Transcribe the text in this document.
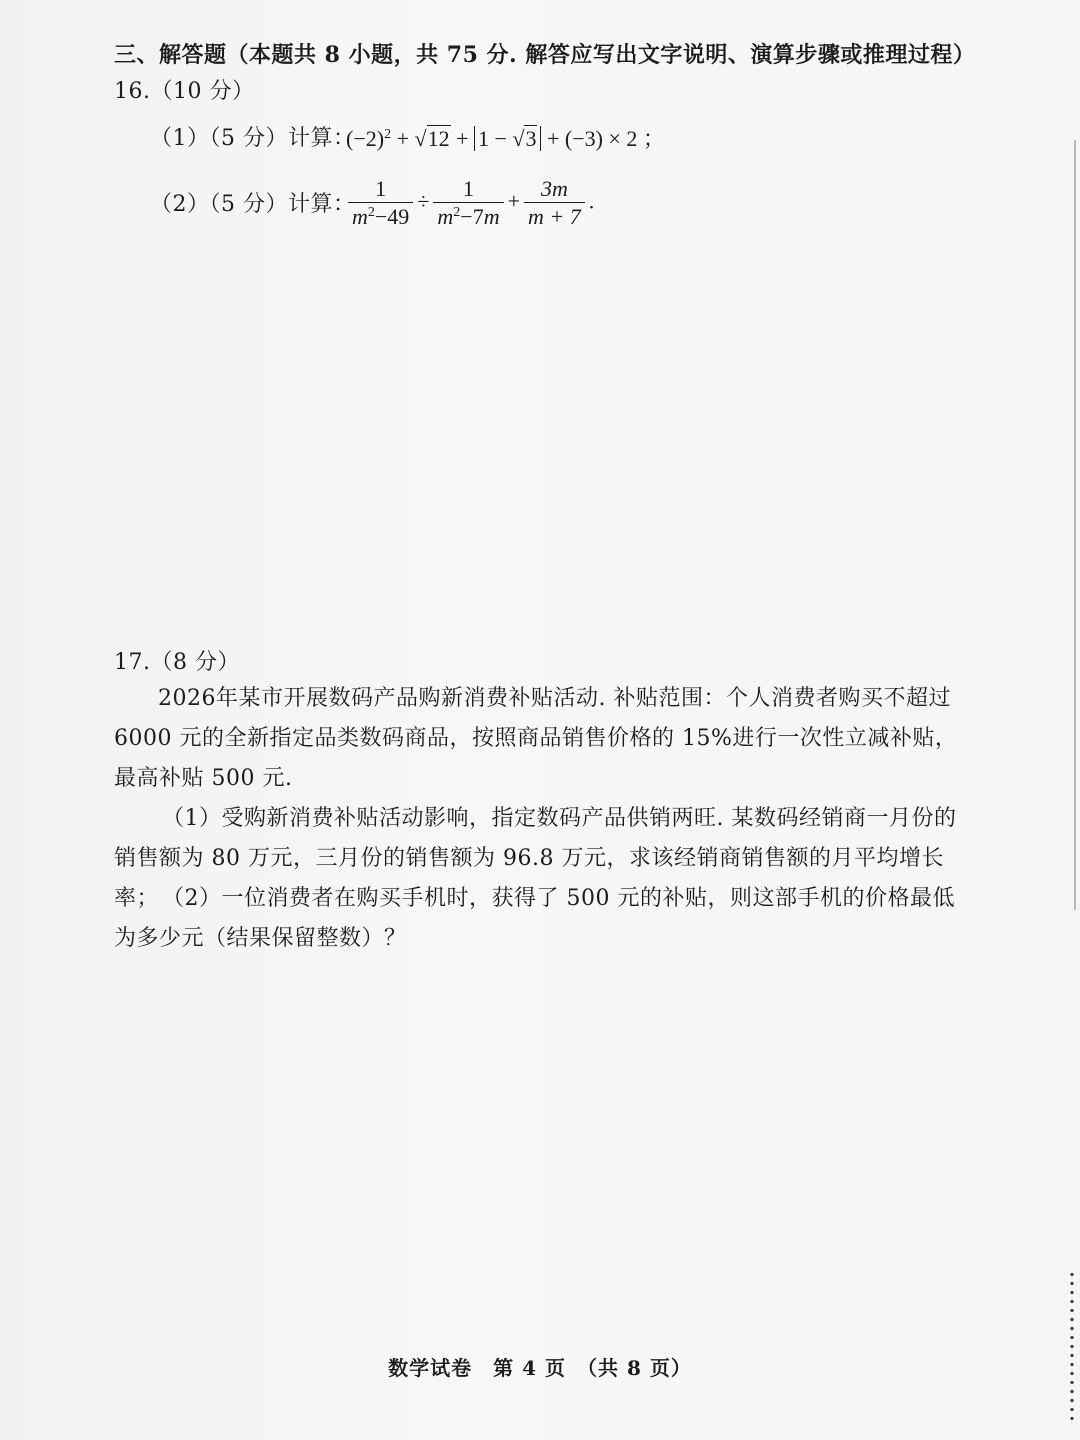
三、解答题（本题共 8 小题，共 75 分. 解答应写出文字说明、演算步骤或推理过程）
16.（10 分）
（1）（5 分）计算：
$(-2)^2 + √12 + 1 - √3 + (-3) \times 2$ ；
（2）（5 分）计算：
$\frac{1}{m^2-49} \div \frac{1}{m^2-7m} + \frac{3m}{m + 7}$ .
17.（8 分）
2026年某市开展数码产品购新消费补贴活动. 补贴范围：个人消费者购买不超过6000 元的全新指定品类数码商品，按照商品销售价格的 15%进行一次性立减补贴，最高补贴 500 元.
（1）受购新消费补贴活动影响，指定数码产品供销两旺. 某数码经销商一月份的销售额为 80 万元，三月份的销售额为 96.8 万元，求该经销商销售额的月平均增长率； （2）一位消费者在购买手机时，获得了 500 元的补贴，则这部手机的价格最低为多少元（结果保留整数）？
数学试卷　第 4 页　（共 8 页）
